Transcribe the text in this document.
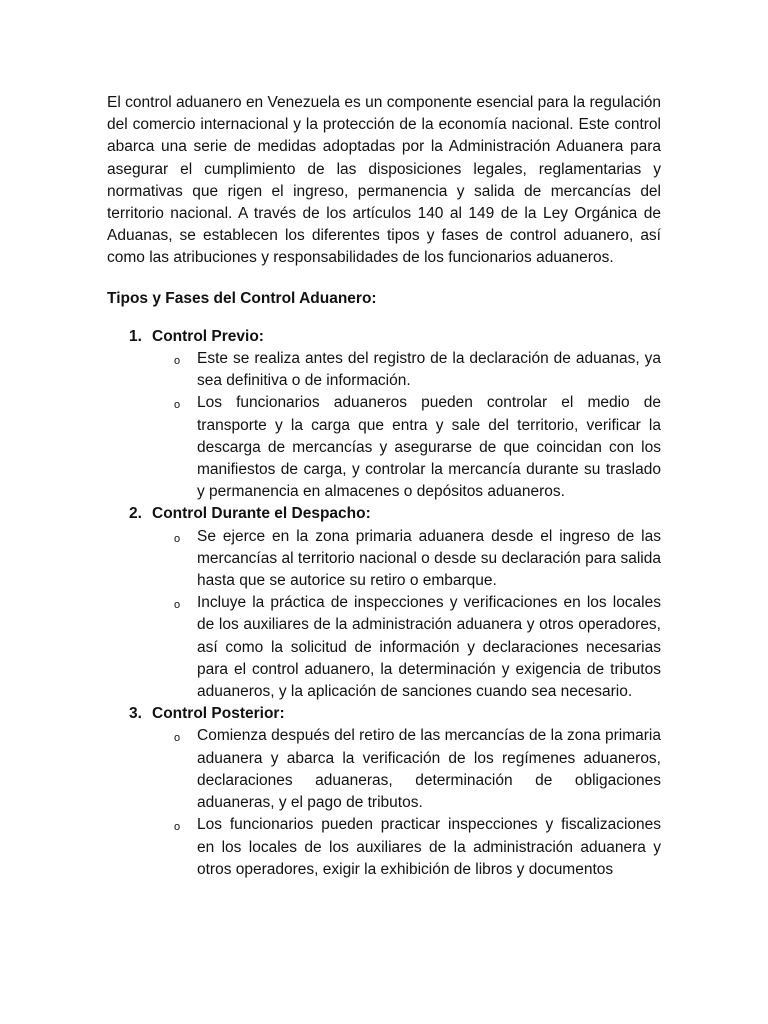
El control aduanero en Venezuela es un componente esencial para la regulación del comercio internacional y la protección de la economía nacional. Este control abarca una serie de medidas adoptadas por la Administración Aduanera para asegurar el cumplimiento de las disposiciones legales, reglamentarias y normativas que rigen el ingreso, permanencia y salida de mercancías del territorio nacional. A través de los artículos 140 al 149 de la Ley Orgánica de Aduanas, se establecen los diferentes tipos y fases de control aduanero, así como las atribuciones y responsabilidades de los funcionarios aduaneros.

Tipos y Fases del Control Aduanero:

1. Control Previo:
o Este se realiza antes del registro de la declaración de aduanas, ya sea definitiva o de información.
o Los funcionarios aduaneros pueden controlar el medio de transporte y la carga que entra y sale del territorio, verificar la descarga de mercancías y asegurarse de que coincidan con los manifiestos de carga, y controlar la mercancía durante su traslado y permanencia en almacenes o depósitos aduaneros.
2. Control Durante el Despacho:
o Se ejerce en la zona primaria aduanera desde el ingreso de las mercancías al territorio nacional o desde su declaración para salida hasta que se autorice su retiro o embarque.
o Incluye la práctica de inspecciones y verificaciones en los locales de los auxiliares de la administración aduanera y otros operadores, así como la solicitud de información y declaraciones necesarias para el control aduanero, la determinación y exigencia de tributos aduaneros, y la aplicación de sanciones cuando sea necesario.
3. Control Posterior:
o Comienza después del retiro de las mercancías de la zona primaria aduanera y abarca la verificación de los regímenes aduaneros, declaraciones aduaneras, determinación de obligaciones aduaneras, y el pago de tributos.
o Los funcionarios pueden practicar inspecciones y fiscalizaciones en los locales de los auxiliares de la administración aduanera y otros operadores, exigir la exhibición de libros y documentos
